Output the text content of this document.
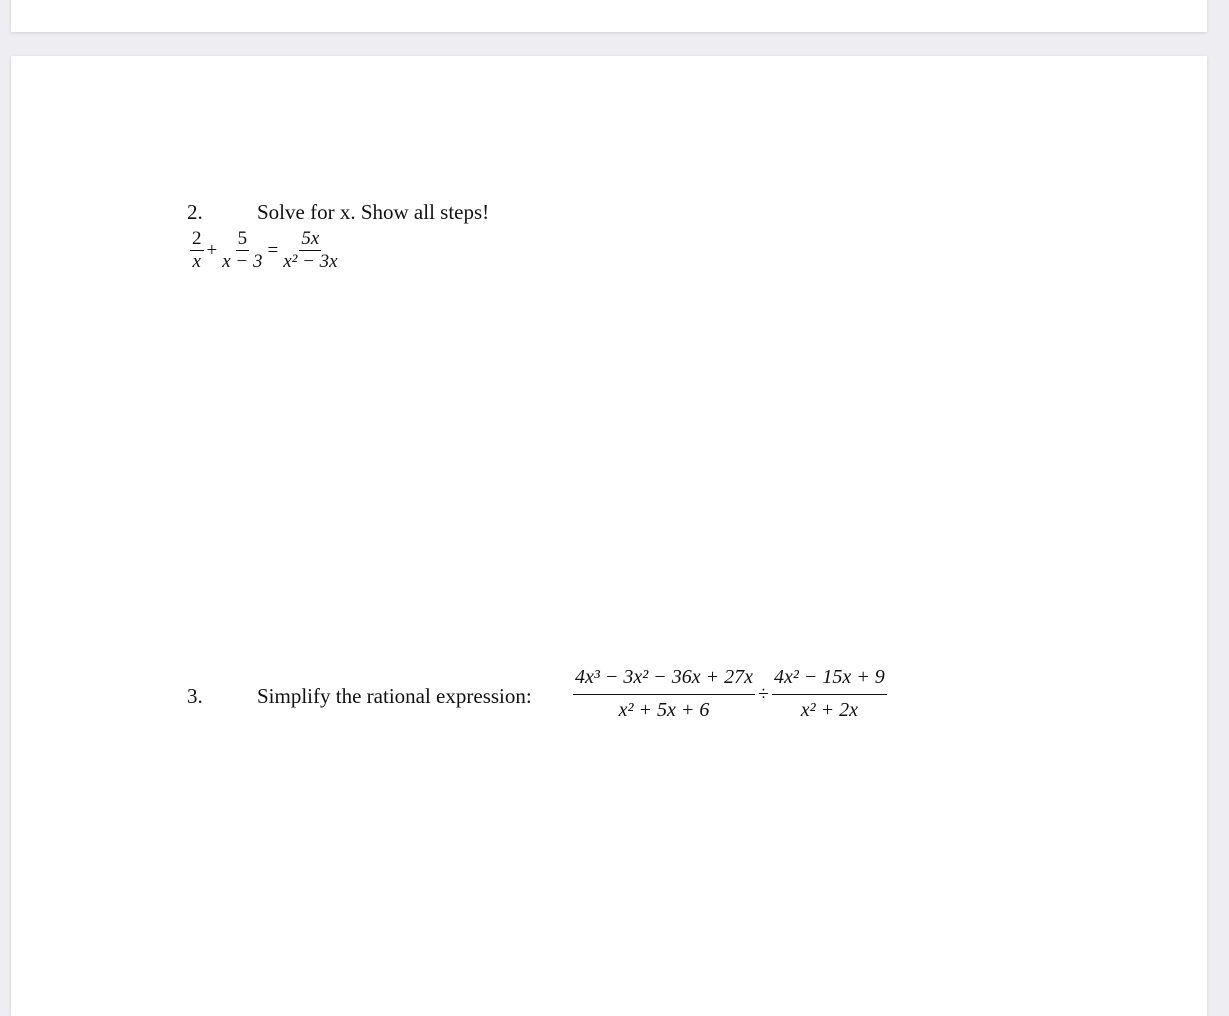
2.	Solve for x. Show all steps!
$\frac{2}{x} + \frac{5}{x - 3} = \frac{5x}{\text{x² − 3x}}$
3.	Simplify the rational expression: $\frac{\text{4x³ − 3x² − 36x + 27x}}{\text{x² + 5x + 6}} \div \frac{\text{4x² − 15x + 9}}{\text{x² + 2x}}$
